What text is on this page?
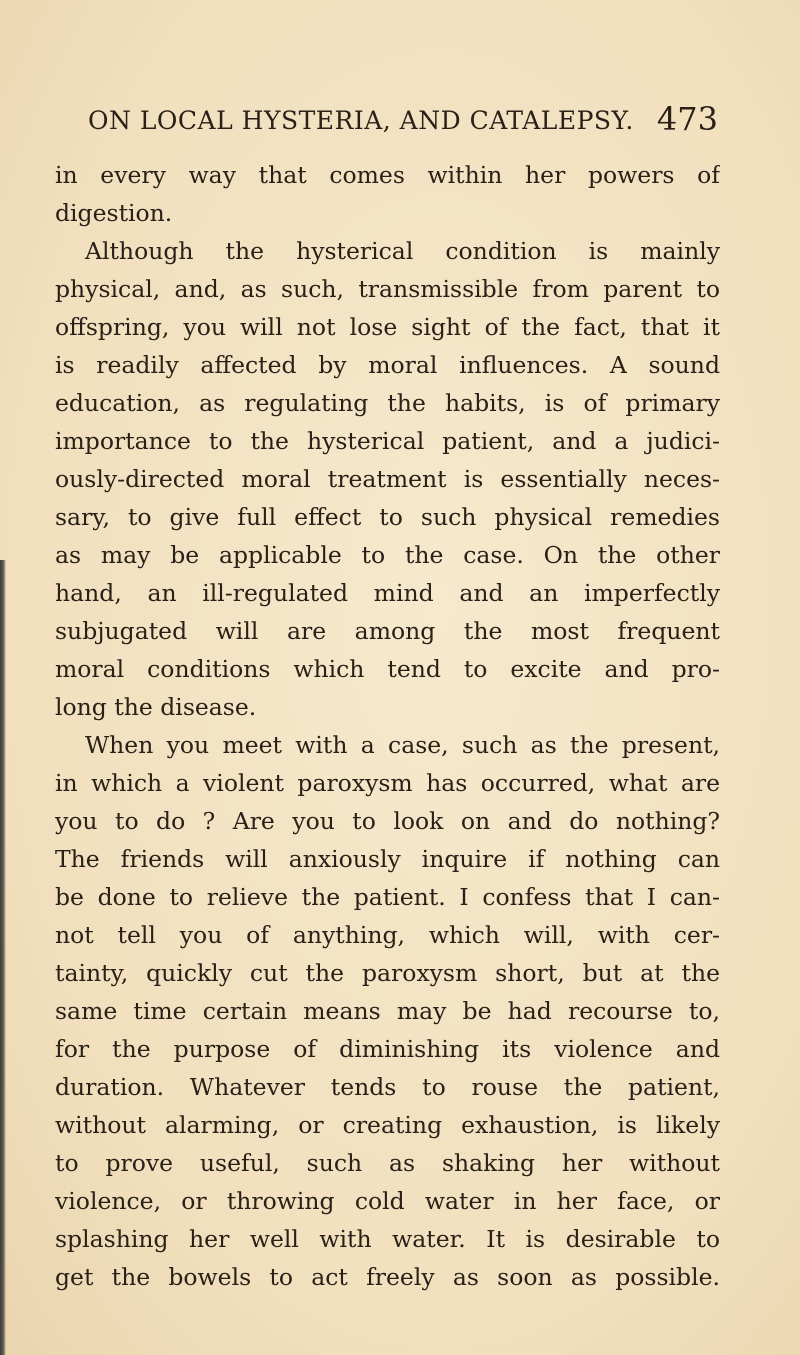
ON LOCAL HYSTERIA, AND CATALEPSY. 473
in every way that comes within her powers of
digestion.
Although the hysterical condition is mainly
physical, and, as such, transmissible from parent to
offspring, you will not lose sight of the fact, that it
is readily affected by moral influences. A sound
education, as regulating the habits, is of primary
importance to the hysterical patient, and a judici-
ously-directed moral treatment is essentially neces-
sary, to give full effect to such physical remedies
as may be applicable to the case. On the other
hand, an ill-regulated mind and an imperfectly
subjugated will are among the most frequent
moral conditions which tend to excite and pro-
long the disease.
When you meet with a case, such as the present,
in which a violent paroxysm has occurred, what are
you to do ? Are you to look on and do nothing?
The friends will anxiously inquire if nothing can
be done to relieve the patient. I confess that I can-
not tell you of anything, which will, with cer-
tainty, quickly cut the paroxysm short, but at the
same time certain means may be had recourse to,
for the purpose of diminishing its violence and
duration. Whatever tends to rouse the patient,
without alarming, or creating exhaustion, is likely
to prove useful, such as shaking her without
violence, or throwing cold water in her face, or
splashing her well with water. It is desirable to
get the bowels to act freely as soon as possible.
